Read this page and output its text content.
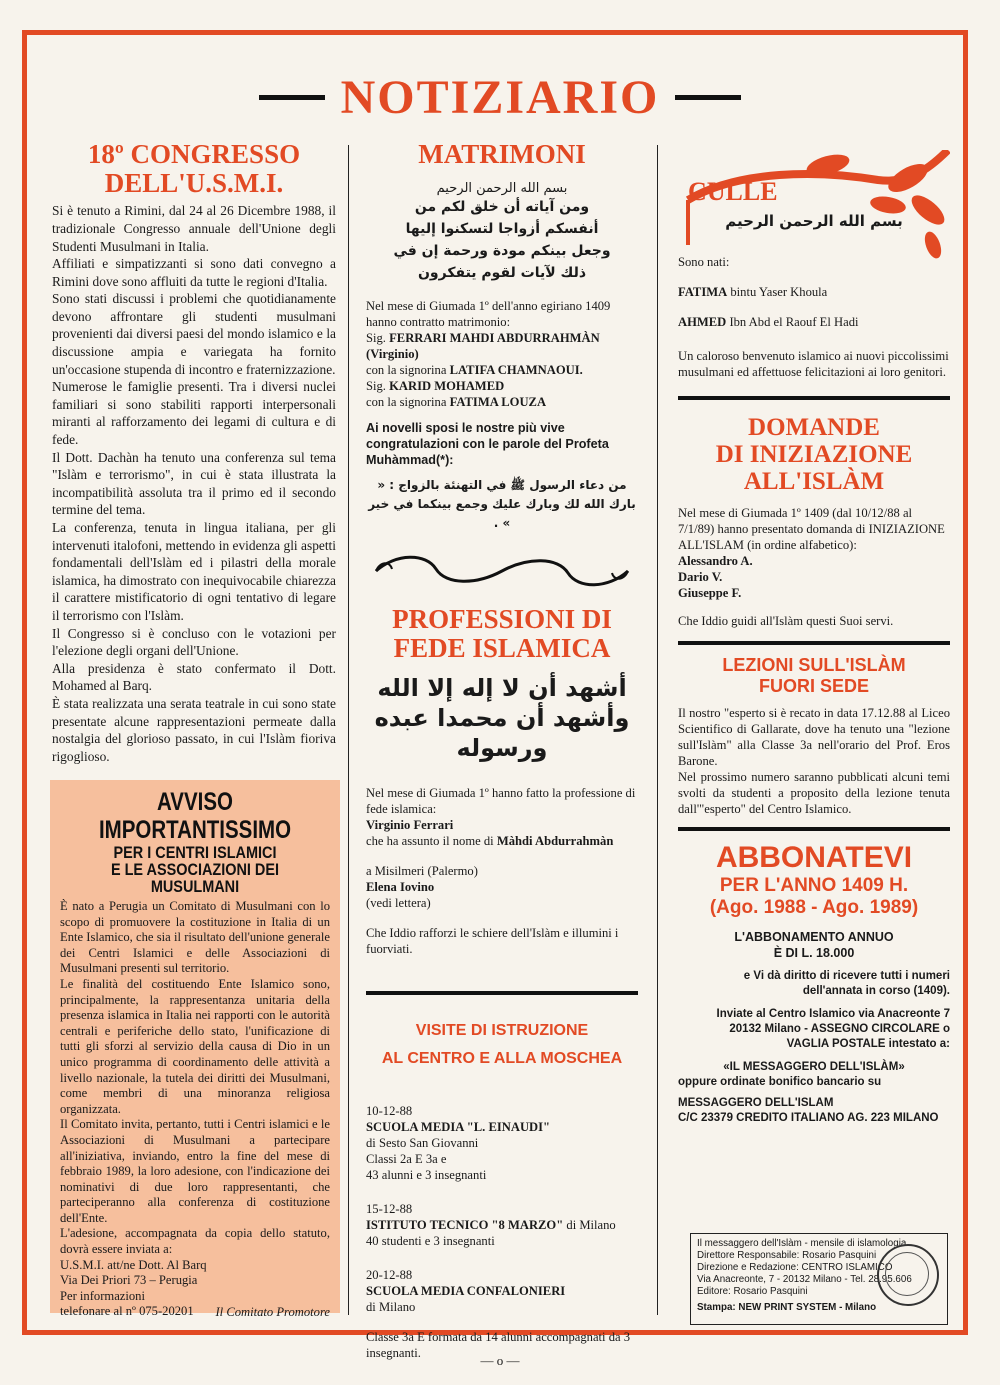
NOTIZIARIO
18º CONGRESSO
DELL'U.S.M.I.

Si è tenuto a Rimini, dal 24 al 26 Dicembre 1988, il tradizionale Congresso annuale dell'Unione degli Studenti Musulmani in Italia.

Affiliati e simpatizzanti si sono dati convegno a Rimini dove sono affluiti da tutte le regioni d'Italia.

Sono stati discussi i problemi che quotidianamente devono affrontare gli studenti musulmani provenienti dai diversi paesi del mondo islamico e la discussione ampia e variegata ha fornito un'occasione stupenda di incontro e fraternizzazione.

Numerose le famiglie presenti. Tra i diversi nuclei familiari si sono stabiliti rapporti interpersonali miranti al rafforzamento dei legami di cultura e di fede.

Il Dott. Dachàn ha tenuto una conferenza sul tema "Islàm e terrorismo", in cui è stata illustrata la incompatibilità assoluta tra il primo ed il secondo termine del tema.

La conferenza, tenuta in lingua italiana, per gli intervenuti italofoni, mettendo in evidenza gli aspetti fondamentali dell'Islàm ed i pilastri della morale islamica, ha dimostrato con inequivocabile chiarezza il carattere mistificatorio di ogni tentativo di legare il terrorismo con l'Islàm.

Il Congresso si è concluso con le votazioni per l'elezione degli organi dell'Unione.

Alla presidenza è stato confermato il Dott. Mohamed al Barq.

È stata realizzata una serata teatrale in cui sono state presentate alcune rappresentazioni permeate dalla nostalgia del glorioso passato, in cui l'Islàm fioriva rigoglioso.

AVVISO
IMPORTANTISSIMO
PER I CENTRI ISLAMICI
E LE ASSOCIAZIONI DEI
MUSULMANI

È nato a Perugia un Comitato di Musulmani con lo scopo di promuovere la costituzione in Italia di un Ente Islamico, che sia il risultato dell'unione generale dei Centri Islamici e delle Associazioni di Musulmani presenti sul territorio.

Le finalità del costituendo Ente Islamico sono, principalmente, la rappresentanza unitaria della presenza islamica in Italia nei rapporti con le autorità centrali e periferiche dello stato, l'unificazione di tutti gli sforzi al servizio della causa di Dio in un unico programma di coordinamento delle attività a livello nazionale, la tutela dei diritti dei Musulmani, come membri di una minoranza religiosa organizzata.

Il Comitato invita, pertanto, tutti i Centri islamici e le Associazioni di Musulmani a partecipare all'iniziativa, inviando, entro la fine del mese di febbraio 1989, la loro adesione, con l'indicazione dei nominativi di due loro rappresentanti, che parteciperanno alla conferenza di costituzione dell'Ente.

L'adesione, accompagnata da copia dello statuto, dovrà essere inviata a:

U.S.M.I. att/ne Dott. Al Barq

Via Dei Priori 73 – Perugia

Per informazioni

telefonare al nº 075-20201	Il Comitato Promotore

MATRIMONI
بسم الله الرحمن الرحيم
ومن آياته أن خلق لكم من أنفسكم أزواجا لتسكنوا إليها وجعل بينكم مودة ورحمة إن في ذلك لآيات لقوم يتفكرون
Nel mese di Giumada 1º dell'anno egiriano 1409 hanno contratto matrimonio:
Sig. FERRARI MAHDI ABDURRAHMÀN
(Virginio)
con la signorina LATIFA CHAMNAOUI.
Sig. KARID MOHAMED
con la signorina FATIMA LOUZA
Ai novelli sposi le nostre più vive congratulazioni con le parole del Profeta Muhàmmad(*):
من دعاء الرسول ﷺ في التهنئة بالزواج : « بارك الله لك وبارك عليك وجمع بينكما في خير » .
PROFESSIONI DI
FEDE ISLAMICA
أشهد أن لا إله إلا الله وأشهد أن محمدا عبده ورسوله
Nel mese di Giumada 1º hanno fatto la professione di fede islamica:
Virginio Ferrari
che ha assunto il nome di Màhdi Abdurrahmàn
a Misilmeri (Palermo)
Elena Iovino
(vedi lettera)
Che Iddio rafforzi le schiere dell'Islàm e illumini i fuorviati.
VISITE DI ISTRUZIONE
AL CENTRO E ALLA MOSCHEA
10-12-88
SCUOLA MEDIA "L. EINAUDI"
di Sesto San Giovanni
Classi 2a E 3a e
43 alunni e 3 insegnanti
15-12-88
ISTITUTO TECNICO "8 MARZO" di Milano
40 studenti e 3 insegnanti
20-12-88
SCUOLA MEDIA CONFALONIERI
di Milano
Classe 3a E formata da 14 alunni accompagnati da 3 insegnanti.
CULLE
بسم الله الرحمن الرحيم
Sono nati:
FATIMA bintu Yaser Khoula
AHMED Ibn Abd el Raouf El Hadi
Un caloroso benvenuto islamico ai nuovi piccolissimi musulmani ed affettuose felicitazioni ai loro genitori.
DOMANDE
DI INIZIAZIONE
ALL'ISLÀM
Nel mese di Giumada 1º 1409 (dal 10/12/88 al 7/1/89) hanno presentato domanda di INIZIAZIONE ALL'ISLAM (in ordine alfabetico):
Alessandro A.
Dario V.
Giuseppe F.
Che Iddio guidi all'Islàm questi Suoi servi.
LEZIONI SULL'ISLÀM
FUORI SEDE

Il nostro "esperto si è recato in data 17.12.88 al Liceo Scientifico di Gallarate, dove ha tenuto una "lezione sull'Islàm" alla Classe 3a nell'orario del Prof. Eros Barone.

Nel prossimo numero saranno pubblicati alcuni temi svolti da studenti a proposito della lezione tenuta dall'"esperto" del Centro Islamico.

ABBONATEVI
PER L'ANNO 1409 H.
(Ago. 1988 - Ago. 1989)
L'ABBONAMENTO ANNUO
È DI L. 18.000
e Vi dà diritto di ricevere tutti i numeri
dell'annata in corso (1409).
Inviate al Centro Islamico via Anacreonte 7
20132 Milano - ASSEGNO CIRCOLARE o
VAGLIA POSTALE intestato a:
«IL MESSAGGERO DELL'ISLÀM»
oppure ordinate bonifico bancario su
MESSAGGERO DELL'ISLAM
C/C 23379 CREDITO ITALIANO AG. 223 MILANO
Il messaggero dell'Islàm - mensile di islamologia
Direttore Responsabile: Rosario Pasquini
Direzione e Redazione: CENTRO ISLAMICO
Via Anacreonte, 7 - 20132 Milano - Tel. 28.95.606
Editore: Rosario Pasquini
Stampa: NEW PRINT SYSTEM - Milano
— o —
